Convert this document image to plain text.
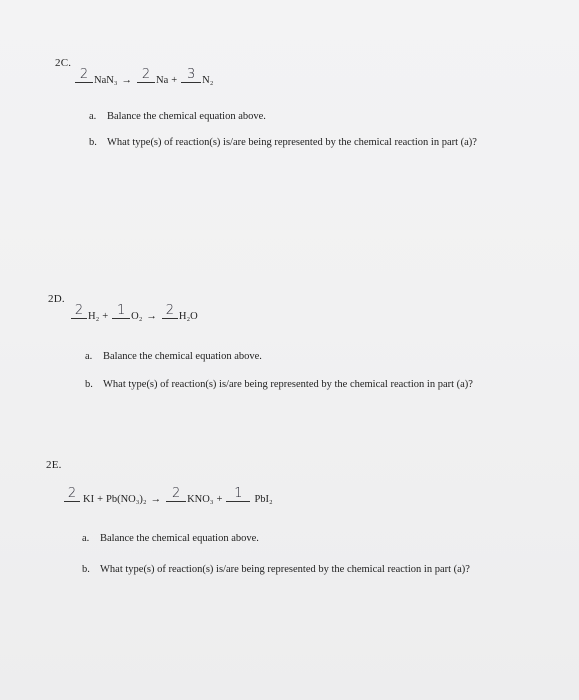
2C.
2 NaN₃ → 2 Na + 3 N₂
a.	Balance the chemical equation above.
b. What type(s) of reaction(s) is/are being represented by the chemical reaction in part (a)?
2D.
2 H₂ + 1 O₂ → 2 H₂O
a.	Balance the chemical equation above.
b. What type(s) of reaction(s) is/are being represented by the chemical reaction in part (a)?
2E.
2 KI + Pb(NO₃)₂ → 2 KNO₃ + 1	PbI₂
a.	Balance the chemical equation above.
b. What type(s) of reaction(s) is/are being represented by the chemical reaction in part (a)?
